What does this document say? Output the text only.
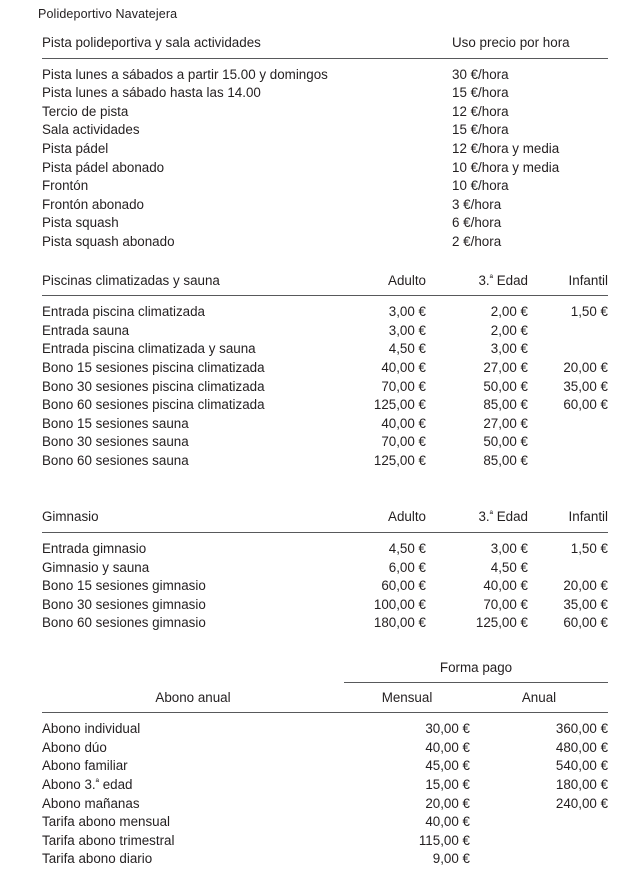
Polideportivo Navatejera
Pista polideportiva y sala actividades	Uso precio por hora
Pista lunes a sábados a partir 15.00 y domingos	30 €/hora
Pista lunes a sábado hasta las 14.00	15 €/hora
Tercio de pista	12 €/hora
Sala actividades	15 €/hora
Pista pádel	12 €/hora y media
Pista pádel abonado	10 €/hora y media
Frontón	10 €/hora
Frontón abonado	3 €/hora
Pista squash	6 €/hora
Pista squash abonado	2 €/hora
Piscinas climatizadas y sauna	Adulto	3.$^ª$ Edad	Infantil
Entrada piscina climatizada	3,00 €	2,00 €	1,50 €
Entrada sauna	3,00 €	2,00 €	
Entrada piscina climatizada y sauna	4,50 €	3,00 €	
Bono 15 sesiones piscina climatizada	40,00 €	27,00 €	20,00 €
Bono 30 sesiones piscina climatizada	70,00 €	50,00 €	35,00 €
Bono 60 sesiones piscina climatizada	125,00 €	85,00 €	60,00 €
Bono 15 sesiones sauna	40,00 €	27,00 €	
Bono 30 sesiones sauna	70,00 €	50,00 €	
Bono 60 sesiones sauna	125,00 €	85,00 €	
Gimnasio	Adulto	3.$^ª$ Edad	Infantil
Entrada gimnasio	4,50 €	3,00 €	1,50 €
Gimnasio y sauna	6,00 €	4,50 €	
Bono 15 sesiones gimnasio	60,00 €	40,00 €	20,00 €
Bono 30 sesiones gimnasio	100,00 €	70,00 €	35,00 €
Bono 60 sesiones gimnasio	180,00 €	125,00 €	60,00 €
	Forma pago	
Abono anual	Mensual	Anual
Abono individual	30,00 €	360,00 €
Abono dúo	40,00 €	480,00 €
Abono familiar	45,00 €	540,00 €
Abono 3.$^ª$ edad	15,00 €	180,00 €
Abono mañanas	20,00 €	240,00 €
Tarifa abono mensual	40,00 €	
Tarifa abono trimestral	115,00 €	
Tarifa abono diario	9,00 €	
